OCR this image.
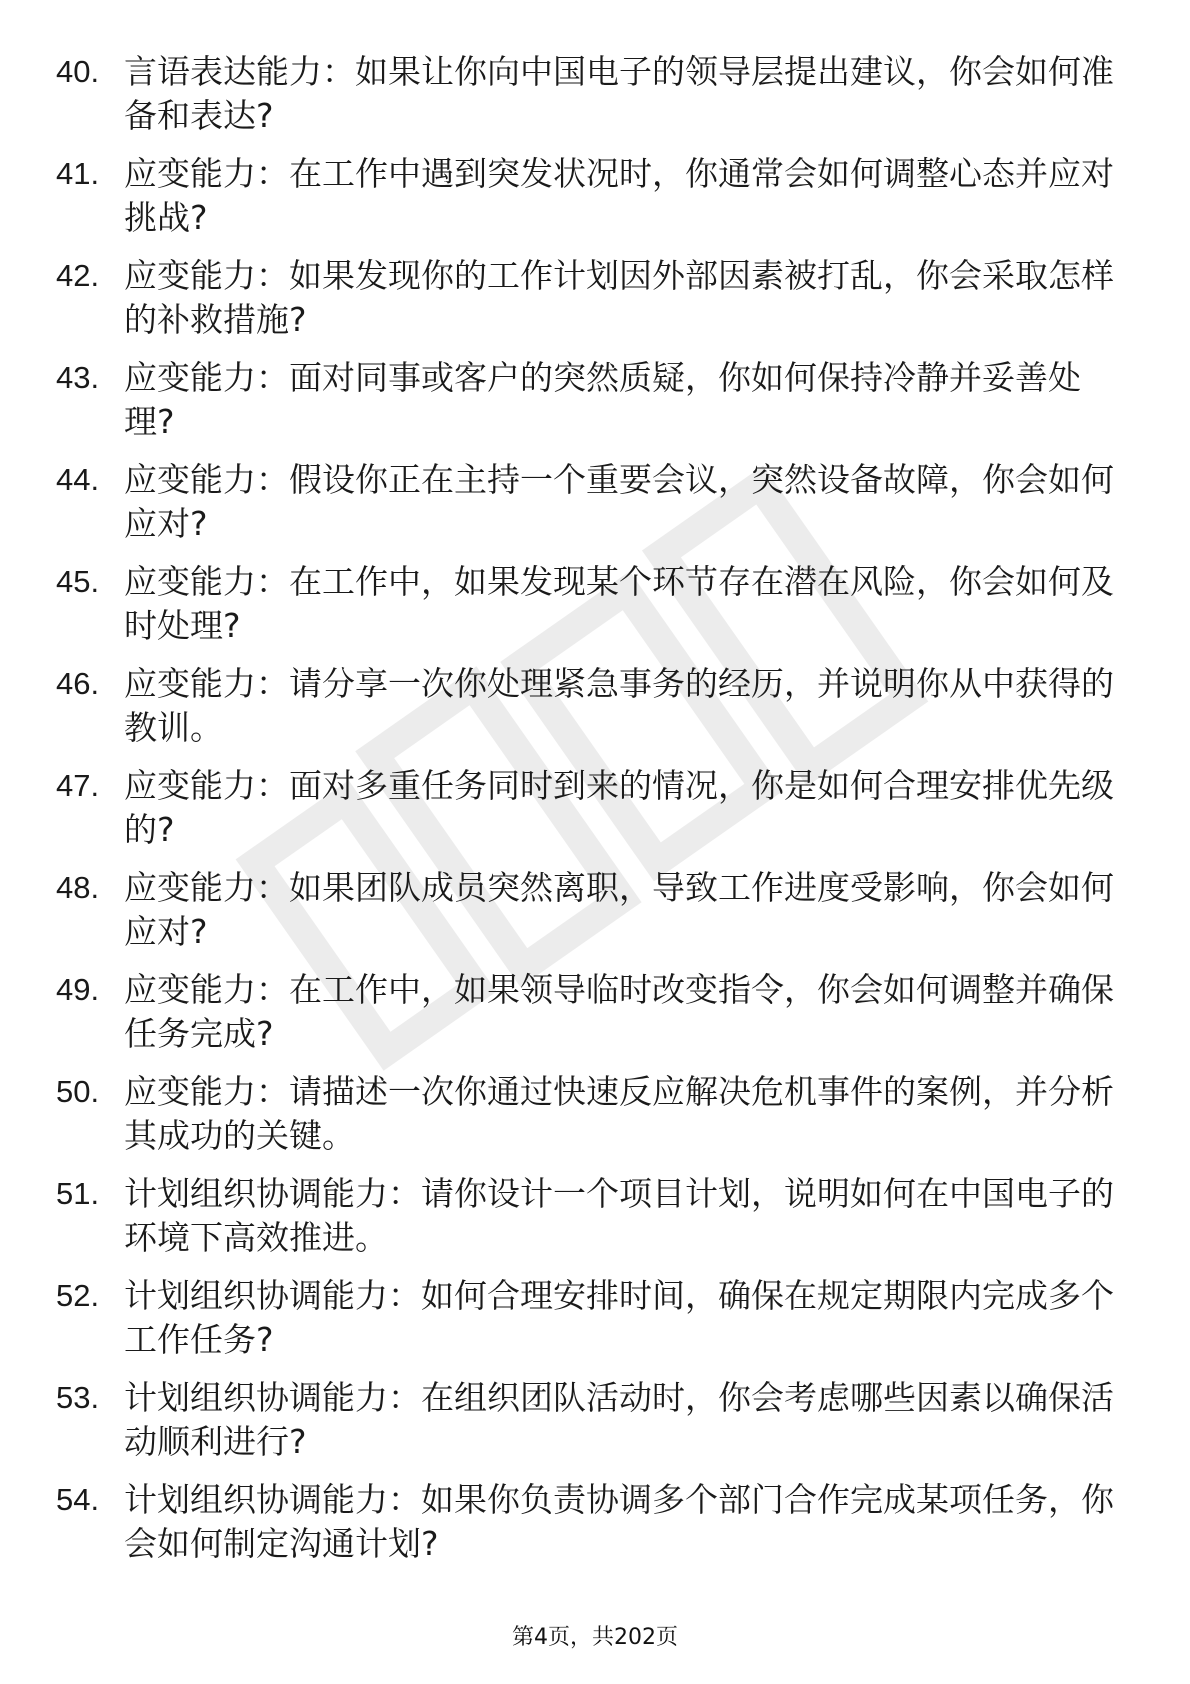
40. 言语表达能力：如果让你向中国电子的领导层提出建议，你会如何准备和表达?
41. 应变能力：在工作中遇到突发状况时，你通常会如何调整心态并应对挑战?
42. 应变能力：如果发现你的工作计划因外部因素被打乱，你会采取怎样的补救措施?
43. 应变能力：面对同事或客户的突然质疑，你如何保持冷静并妥善处理?
44. 应变能力：假设你正在主持一个重要会议，突然设备故障，你会如何应对?
45. 应变能力：在工作中，如果发现某个环节存在潜在风险，你会如何及时处理?
46. 应变能力：请分享一次你处理紧急事务的经历，并说明你从中获得的教训。
47. 应变能力：面对多重任务同时到来的情况，你是如何合理安排优先级的?
48. 应变能力：如果团队成员突然离职，导致工作进度受影响，你会如何应对?
49. 应变能力：在工作中，如果领导临时改变指令，你会如何调整并确保任务完成?
50. 应变能力：请描述一次你通过快速反应解决危机事件的案例，并分析其成功的关键。
51. 计划组织协调能力：请你设计一个项目计划，说明如何在中国电子的环境下高效推进。
52. 计划组织协调能力：如何合理安排时间，确保在规定期限内完成多个工作任务?
53. 计划组织协调能力：在组织团队活动时，你会考虑哪些因素以确保活动顺利进行?
54. 计划组织协调能力：如果你负责协调多个部门合作完成某项任务，你会如何制定沟通计划?
第4页，共202页
